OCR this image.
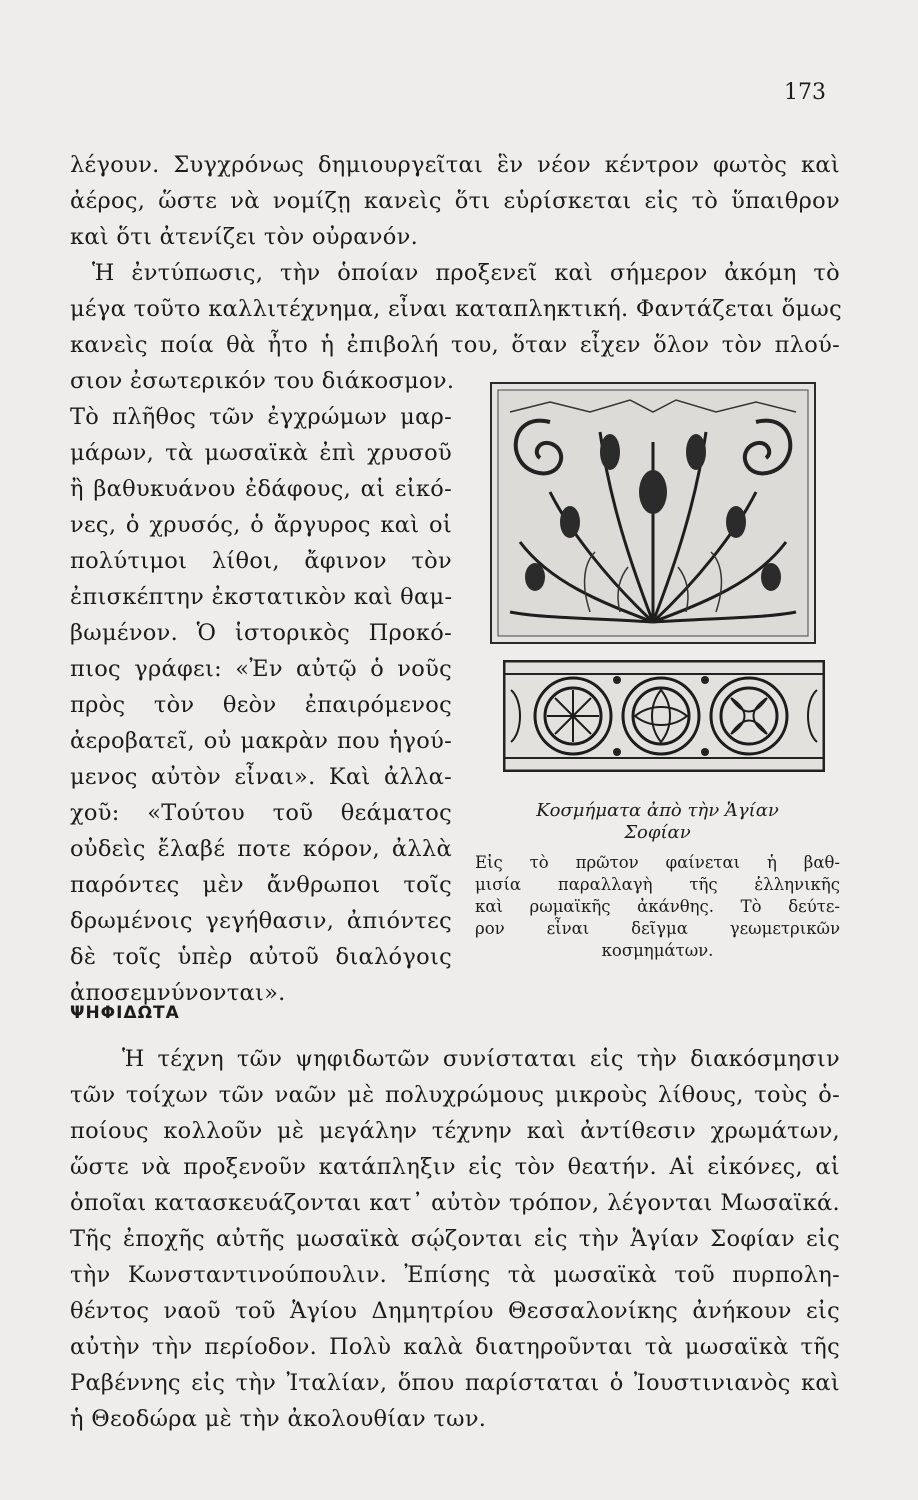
173
λέγουν. Συγχρόνως δημιουργεῖται ἓν νέον κέντρον φωτὸς καὶ
ἀέρος, ὥστε νὰ νομίζῃ κανεὶς ὅτι εὑρίσκεται εἰς τὸ ὕπαιθρον
καὶ ὅτι ἀτενίζει τὸν οὐρανόν.
Ἡ ἐντύπωσις, τὴν ὁποίαν προξενεῖ καὶ σήμερον ἀκόμη τὸ
μέγα τοῦτο καλλιτέχνημα, εἶναι καταπληκτική. Φαντάζεται ὅμως
κανεὶς ποία θὰ ἦτο ἡ ἐπιβολή του, ὅταν εἶχεν ὅλον τὸν πλού-
σιον ἐσωτερικόν του διάκοσμον.
Τὸ πλῆθος τῶν ἐγχρώμων μαρ-
μάρων, τὰ μωσαϊκὰ ἐπὶ χρυσοῦ
ἢ βαθυκυάνου ἐδάφους, αἱ εἰκό-
νες, ὁ χρυσός, ὁ ἄργυρος καὶ οἱ
πολύτιμοι λίθοι, ἄφινον τὸν
ἐπισκέπτην ἐκστατικὸν καὶ θαμ-
βωμένον. Ὁ ἱστορικὸς Προκό-
πιος γράφει: «Ἐν αὐτῷ ὁ νοῦς
πρὸς τὸν θεὸν ἐπαιρόμενος
ἀεροβατεῖ, οὐ μακρὰν που ἡγού-
μενος αὐτὸν εἶναι». Καὶ ἀλλα-
χοῦ: «Τούτου τοῦ θεάματος
οὐδεὶς ἔλαβέ ποτε κόρον, ἀλλὰ
παρόντες μὲν ἄνθρωποι τοῖς
δρωμένοις γεγήθασιν, ἀπιόντες
δὲ τοῖς ὑπὲρ αὐτοῦ διαλόγοις
ἀποσεμνύνονται».
Κοσμήματα ἀπὸ τὴν Ἁγίαν
Σοφίαν
Εἰς τὸ πρῶτον φαίνεται ἡ βαθ-
μισία παραλλαγὴ τῆς ἑλληνικῆς
καὶ ρωμαϊκῆς ἀκάνθης. Τὸ δεύτε-
ρον εἶναι δεῖγμα γεωμετρικῶν
κοσμημάτων.
ΨΗΦΙΔΩΤΑ
Ἡ τέχνη τῶν ψηφιδωτῶν συνίσταται εἰς τὴν διακόσμησιν
τῶν τοίχων τῶν ναῶν μὲ πολυχρώμους μικροὺς λίθους, τοὺς ὁ-
ποίους κολλοῦν μὲ μεγάλην τέχνην καὶ ἀντίθεσιν χρωμάτων,
ὥστε νὰ προξενοῦν κατάπληξιν εἰς τὸν θεατήν. Αἱ εἰκόνες, αἱ
ὁποῖαι κατασκευάζονται κατ᾿ αὐτὸν τρόπον, λέγονται Μωσαϊκά.
Τῆς ἐποχῆς αὐτῆς μωσαϊκὰ σῴζονται εἰς τὴν Ἁγίαν Σοφίαν εἰς
τὴν Κωνσταντινούπουλιν. Ἐπίσης τὰ μωσαϊκὰ τοῦ πυρπολη-
θέντος ναοῦ τοῦ Ἁγίου Δημητρίου Θεσσαλονίκης ἀνήκουν εἰς
αὐτὴν τὴν περίοδον. Πολὺ καλὰ διατηροῦνται τὰ μωσαϊκὰ τῆς
Ραβέννης εἰς τὴν Ἰταλίαν, ὅπου παρίσταται ὁ Ἰουστινιανὸς καὶ
ἡ Θεοδώρα μὲ τὴν ἀκολουθίαν των.
